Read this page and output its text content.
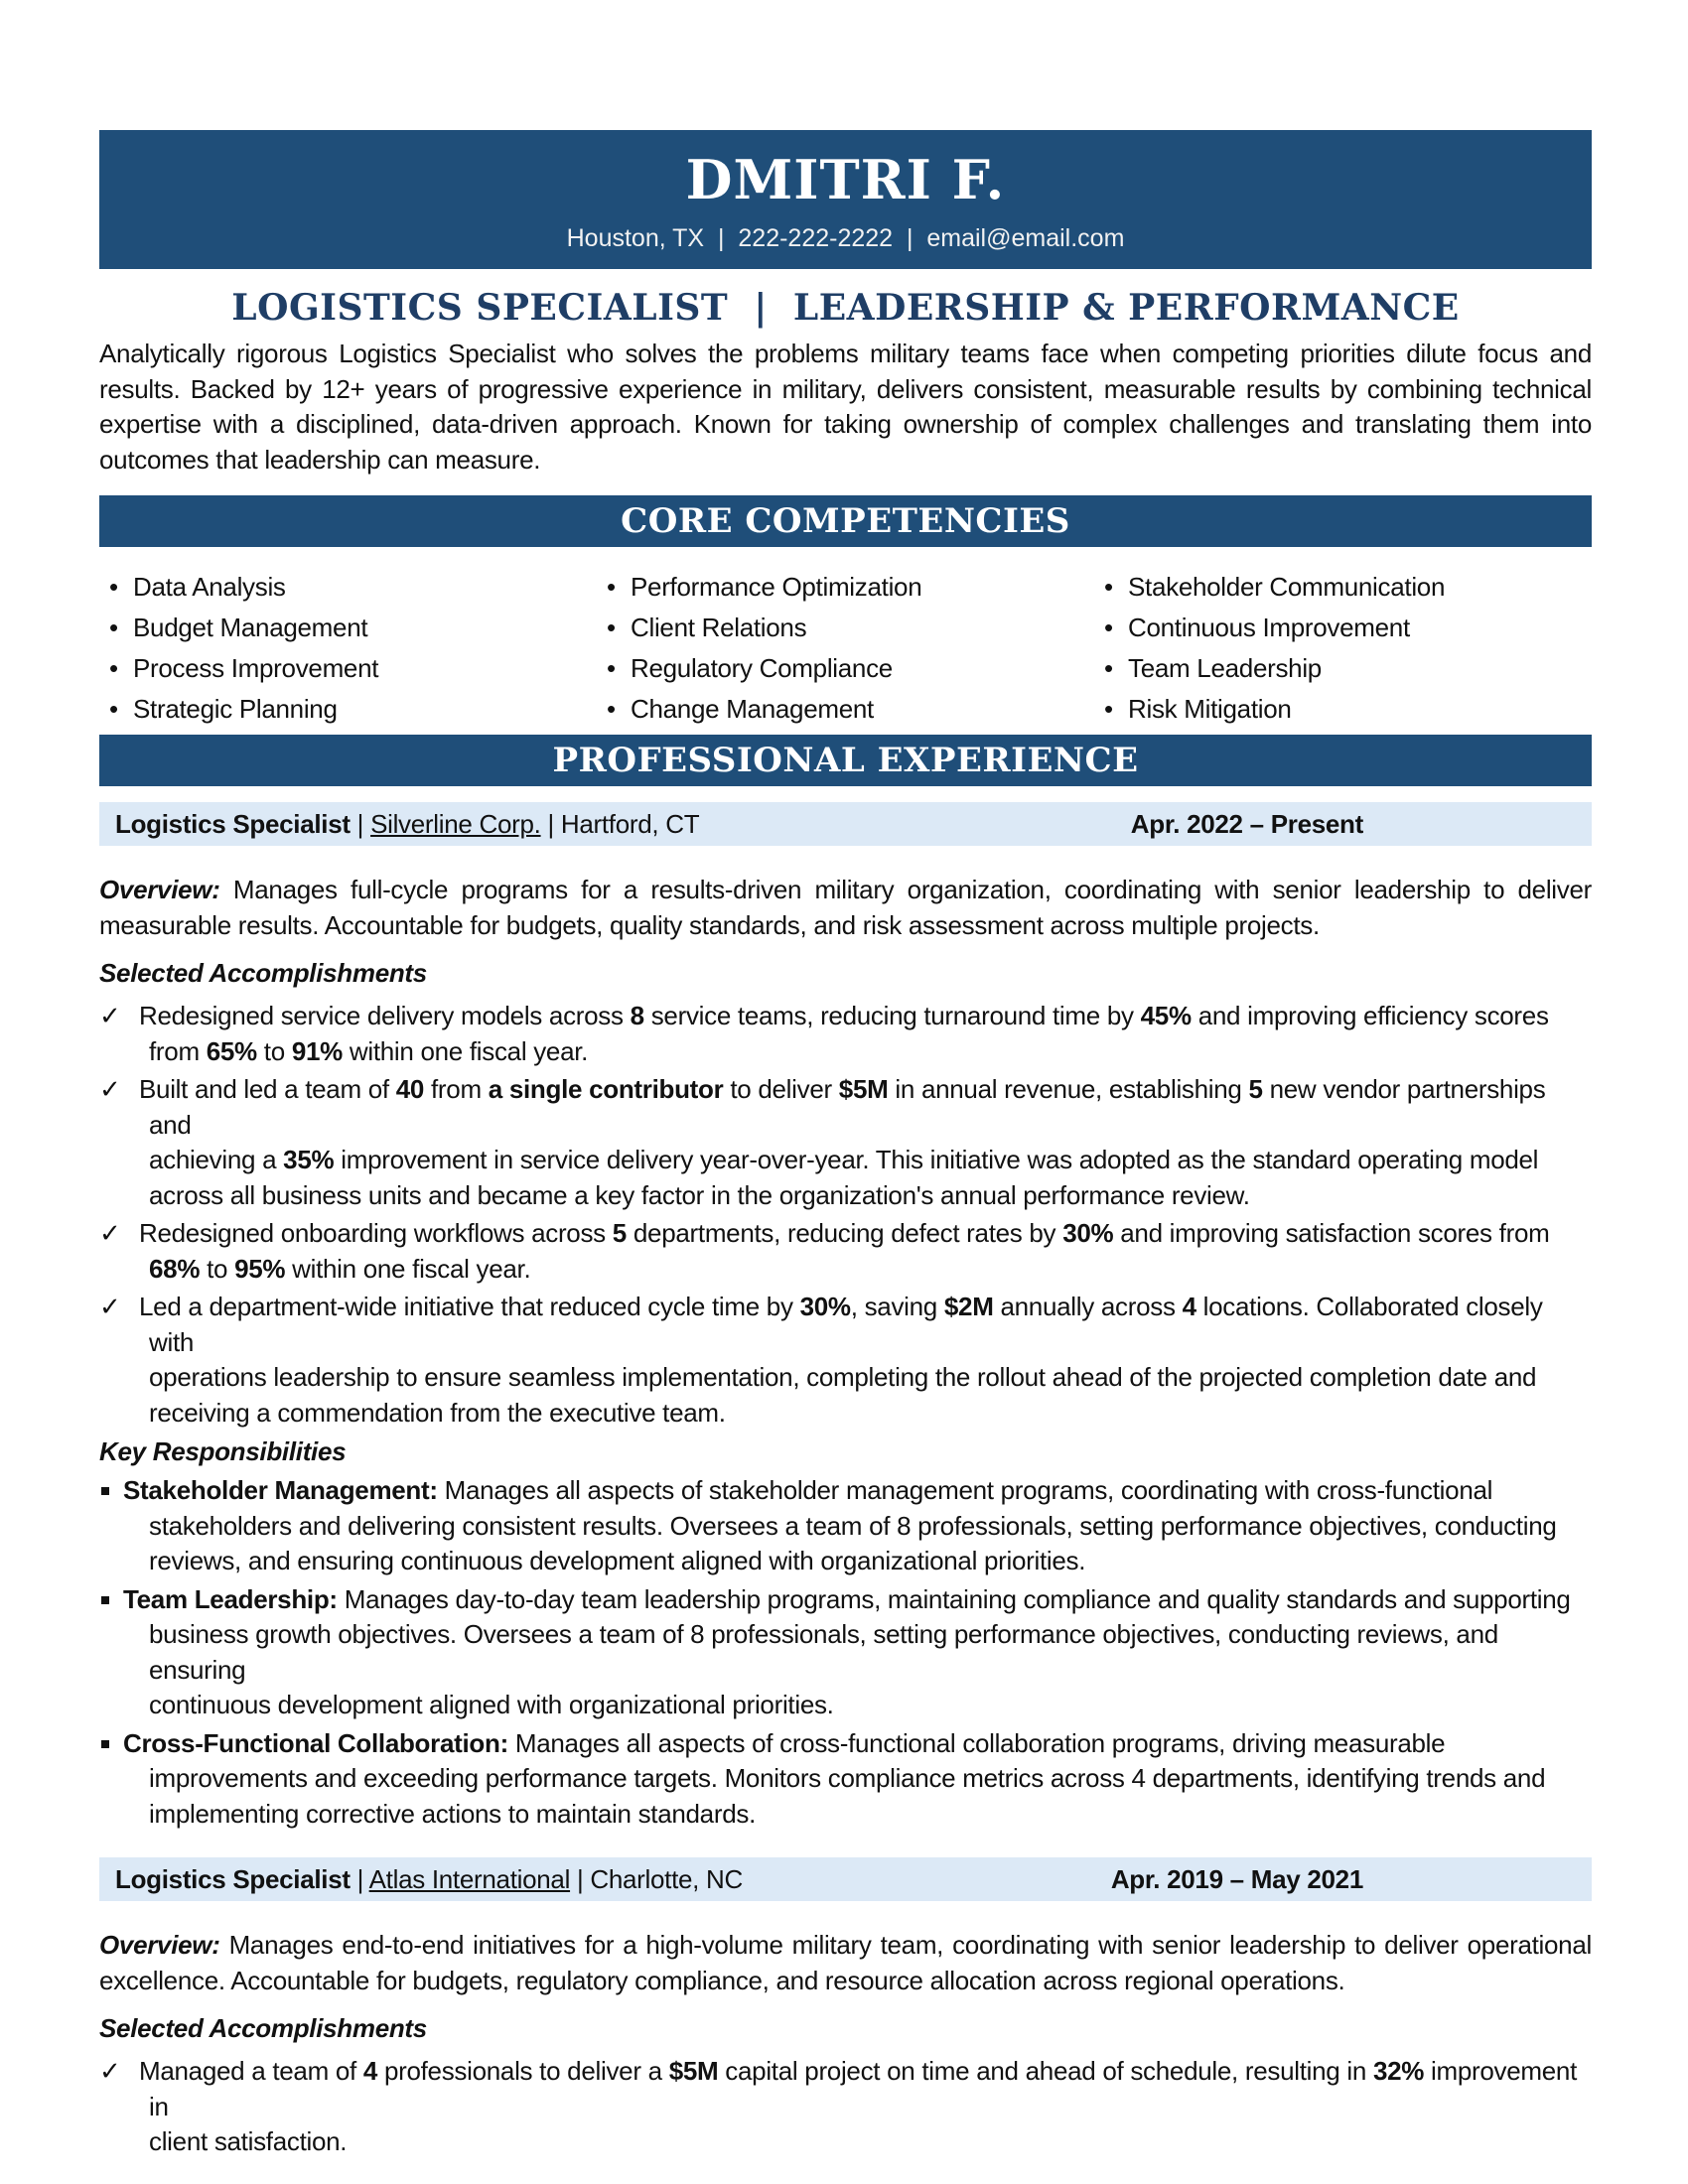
DMITRI F.
Houston, TX  |  222-222-2222  |  email@email.com
LOGISTICS SPECIALIST  |  LEADERSHIP & PERFORMANCE
Analytically rigorous Logistics Specialist who solves the problems military teams face when competing priorities dilute focus and results. Backed by 12+ years of progressive experience in military, delivers consistent, measurable results by combining technical expertise with a disciplined, data-driven approach. Known for taking ownership of complex challenges and translating them into outcomes that leadership can measure.
CORE COMPETENCIES
• Data Analysis
• Budget Management
• Process Improvement
• Strategic Planning
• Performance Optimization
• Client Relations
• Regulatory Compliance
• Change Management
• Stakeholder Communication
• Continuous Improvement
• Team Leadership
• Risk Mitigation
PROFESSIONAL EXPERIENCE
Logistics Specialist | Silverline Corp. | Hartford, CT	Apr. 2022 – Present
Overview: Manages full-cycle programs for a results-driven military organization, coordinating with senior leadership to deliver measurable results. Accountable for budgets, quality standards, and risk assessment across multiple projects.
Selected Accomplishments
✓ Redesigned service delivery models across 8 service teams, reducing turnaround time by 45% and improving efficiency scores
from 65% to 91% within one fiscal year.
✓ Built and led a team of 40 from a single contributor to deliver $5M in annual revenue, establishing 5 new vendor partnerships and
achieving a 35% improvement in service delivery year-over-year. This initiative was adopted as the standard operating model
across all business units and became a key factor in the organization's annual performance review.
✓ Redesigned onboarding workflows across 5 departments, reducing defect rates by 30% and improving satisfaction scores from
68% to 95% within one fiscal year.
✓ Led a department-wide initiative that reduced cycle time by 30%, saving $2M annually across 4 locations. Collaborated closely with
operations leadership to ensure seamless implementation, completing the rollout ahead of the projected completion date and
receiving a commendation from the executive team.
Key Responsibilities
Stakeholder Management: Manages all aspects of stakeholder management programs, coordinating with cross-functional
stakeholders and delivering consistent results. Oversees a team of 8 professionals, setting performance objectives, conducting
reviews, and ensuring continuous development aligned with organizational priorities.
Team Leadership: Manages day-to-day team leadership programs, maintaining compliance and quality standards and supporting
business growth objectives. Oversees a team of 8 professionals, setting performance objectives, conducting reviews, and ensuring
continuous development aligned with organizational priorities.
Cross-Functional Collaboration: Manages all aspects of cross-functional collaboration programs, driving measurable
improvements and exceeding performance targets. Monitors compliance metrics across 4 departments, identifying trends and
implementing corrective actions to maintain standards.
Logistics Specialist | Atlas International | Charlotte, NC	Apr. 2019 – May 2021
Overview: Manages end-to-end initiatives for a high-volume military team, coordinating with senior leadership to deliver operational excellence. Accountable for budgets, regulatory compliance, and resource allocation across regional operations.
Selected Accomplishments
✓ Managed a team of 4 professionals to deliver a $5M capital project on time and ahead of schedule, resulting in 32% improvement in
client satisfaction.
